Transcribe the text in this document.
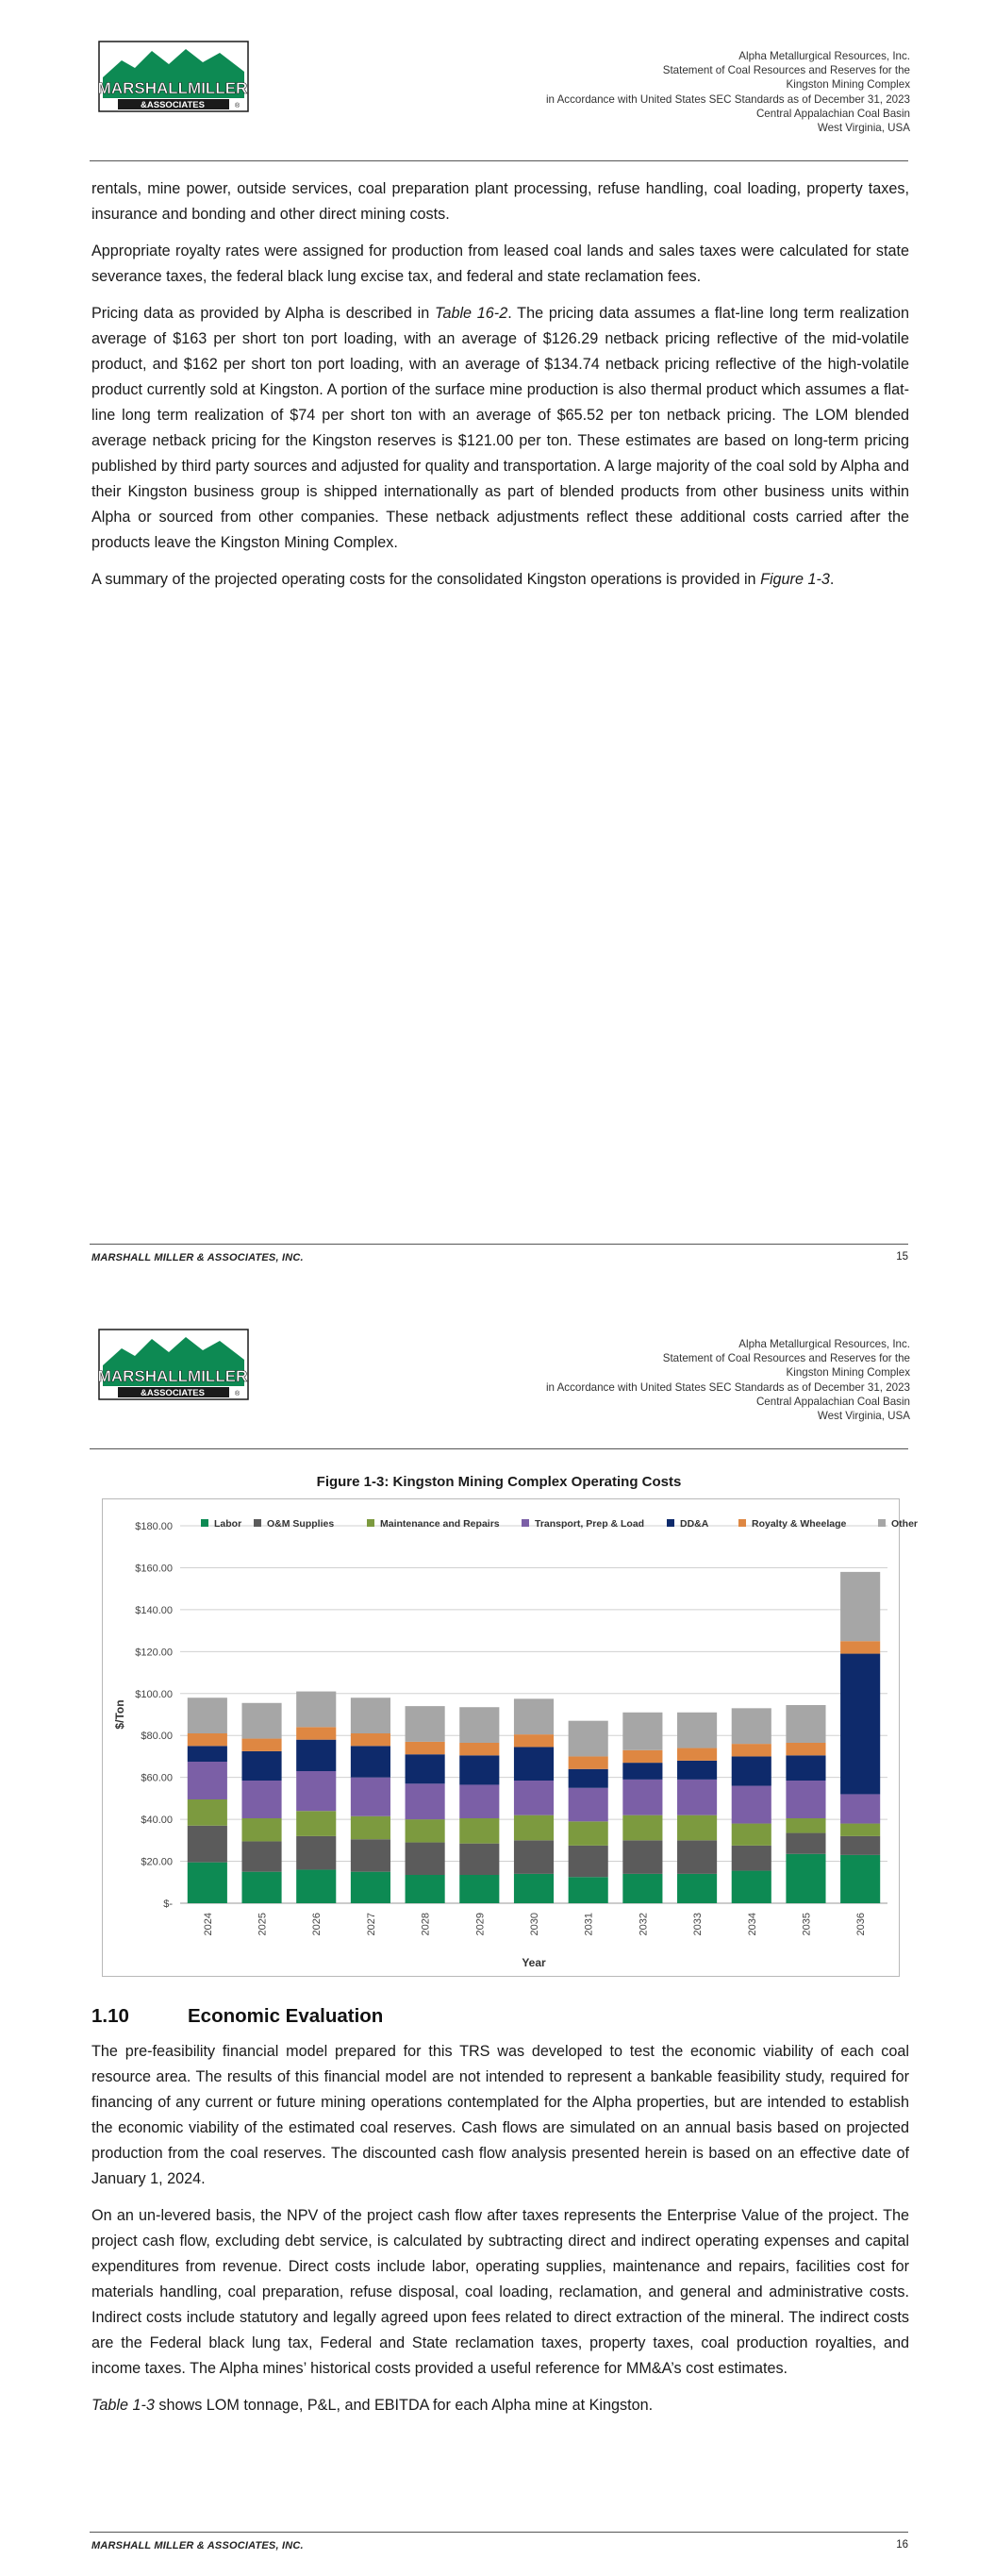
MARSHALLMILLER
&ASSOCIATES	®
Alpha Metallurgical Resources, Inc.
Statement of Coal Resources and Reserves for the
Kingston Mining Complex
in Accordance with United States SEC Standards as of December 31, 2023
Central Appalachian Coal Basin
West Virginia, USA

rentals, mine power, outside services, coal preparation plant processing, refuse handling, coal loading, property taxes, insurance and bonding and other direct mining costs.

Appropriate royalty rates were assigned for production from leased coal lands and sales taxes were calculated for state severance taxes, the federal black lung excise tax, and federal and state reclamation fees.

Pricing data as provided by Alpha is described in Table 16-2. The pricing data assumes a flat-line long term realization average of $163 per short ton port loading, with an average of $126.29 netback pricing reflective of the mid-volatile product, and $162 per short ton port loading, with an average of $134.74 netback pricing reflective of the high-volatile product currently sold at Kingston. A portion of the surface mine production is also thermal product which assumes a flat-line long term realization of $74 per short ton with an average of $65.52 per ton netback pricing. The LOM blended average netback pricing for the Kingston reserves is $121.00 per ton. These estimates are based on long-term pricing published by third party sources and adjusted for quality and transportation. A large majority of the coal sold by Alpha and their Kingston business group is shipped internationally as part of blended products from other business units within Alpha or sourced from other companies. These netback adjustments reflect these additional costs carried after the products leave the Kingston Mining Complex.

A summary of the projected operating costs for the consolidated Kingston operations is provided in Figure 1-3.

MARSHALL MILLER & ASSOCIATES, INC.	15
MARSHALLMILLER
&ASSOCIATES	®
Alpha Metallurgical Resources, Inc.
Statement of Coal Resources and Reserves for the
Kingston Mining Complex
in Accordance with United States SEC Standards as of December 31, 2023
Central Appalachian Coal Basin
West Virginia, USA
Figure 1-3: Kingston Mining Complex Operating Costs
1.10	Economic Evaluation

The pre-feasibility financial model prepared for this TRS was developed to test the economic viability of each coal resource area. The results of this financial model are not intended to represent a bankable feasibility study, required for financing of any current or future mining operations contemplated for the Alpha properties, but are intended to establish the economic viability of the estimated coal reserves. Cash flows are simulated on an annual basis based on projected production from the coal reserves. The discounted cash flow analysis presented herein is based on an effective date of January 1, 2024.

On an un-levered basis, the NPV of the project cash flow after taxes represents the Enterprise Value of the project. The project cash flow, excluding debt service, is calculated by subtracting direct and indirect operating expenses and capital expenditures from revenue. Direct costs include labor, operating supplies, maintenance and repairs, facilities cost for materials handling, coal preparation, refuse disposal, coal loading, reclamation, and general and administrative costs. Indirect costs include statutory and legally agreed upon fees related to direct extraction of the mineral. The indirect costs are the Federal black lung tax, Federal and State reclamation taxes, property taxes, coal production royalties, and income taxes. The Alpha mines’ historical costs provided a useful reference for MM&A’s cost estimates.

Table 1-3 shows LOM tonnage, P&L, and EBITDA for each Alpha mine at Kingston.

MARSHALL MILLER & ASSOCIATES, INC.	16
$-
$20.00
$40.00
$60.00
$80.00
$100.00
$120.00
$140.00
$160.00
$180.00
2024	2025	2026	2027	2028	2029	2030	2031	2032	2033	2034	2035	2036
Year
$/Ton
Labor	O&M Supplies	Maintenance and Repairs	Transport, Prep & Load	DD&A	Royalty & Wheelage	Other
